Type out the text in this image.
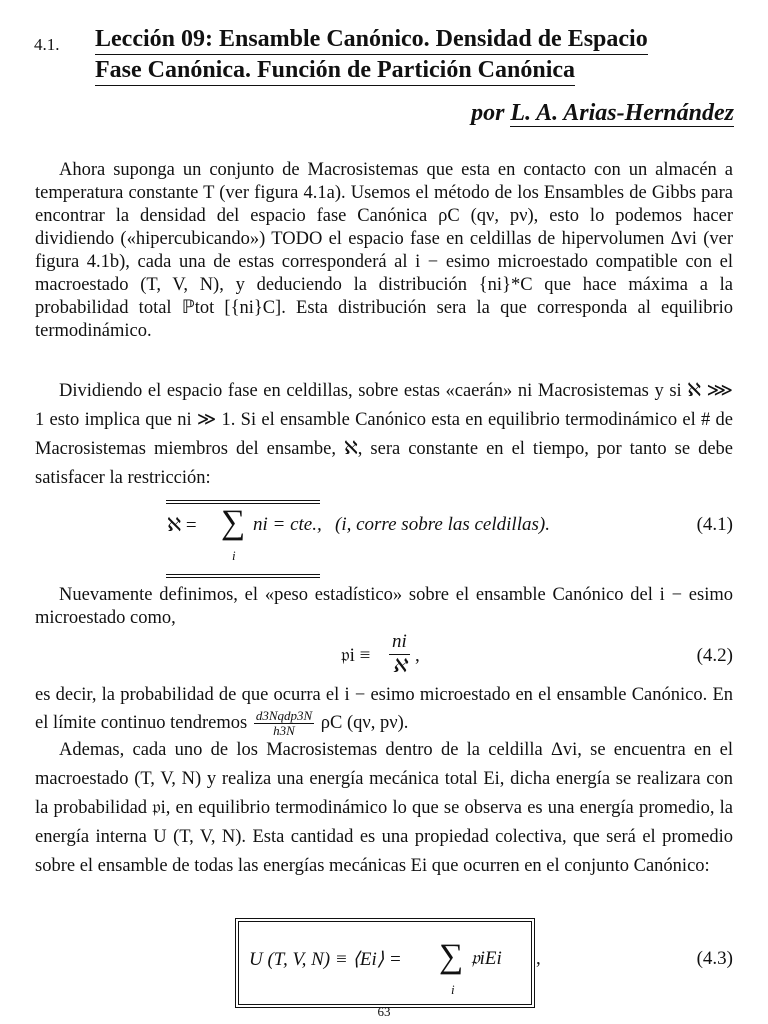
4.1. Lección 09: Ensamble Canónico. Densidad de Espacio
Fase Canónica. Función de Partición Canónica
por L. A. Arias-Hernández

Ahora suponga un conjunto de Macrosistemas que esta en contacto con un almacén a temperatura constante T (ver figura 4.1a). Usemos el método de los Ensambles de Gibbs para encontrar la densidad del espacio fase Canónica ρC (qν, pν), esto lo podemos hacer dividiendo («hipercubicando») TODO el espacio fase en celdillas de hipervolumen Δvi (ver figura 4.1b), cada una de estas corresponderá al i − esimo microestado compatible con el macroestado (T, V, N), y deduciendo la distribución {ni}*C que hace máxima a la probabilidad total ℙtot [{ni}C]. Esta distribución sera la que corresponda al equilibrio termodinámico.

Dividiendo el espacio fase en celdillas, sobre estas «caerán» ni Macrosistemas y si ℵ ⋙ 1 esto implica que ni ≫ 1. Si el ensamble Canónico esta en equilibrio termodinámico el # de Macrosistemas miembros del ensambe, ℵ, sera constante en el tiempo, por tanto se debe satisfacer la restricción:

ℵ = ∑
i
ni = cte., (i, corre sobre las celdillas).	(4.1)

Nuevamente definimos, el «peso estadístico» sobre el ensamble Canónico del i − esimo microestado como,

𝔭i ≡
ni
ℵ
,	(4.2)
es decir, la probabilidad de que ocurra el i − esimo microestado en el ensamble Canónico. En el límite continuo tendremos $\frac{\text{d3Nqdp3N}}{h3N}$ ρC (qν, pν).

Ademas, cada uno de los Macrosistemas dentro de la celdilla Δvi, se encuentra en el macroestado (T, V, N) y realiza una energía mecánica total Ei, dicha energía se realizara con la probabilidad 𝔭i, en equilibrio termodinámico lo que se observa es una energía promedio, la energía interna U (T, V, N). Esta cantidad es una propiedad colectiva, que será el promedio sobre el ensamble de todas las energías mecánicas Ei que ocurren en el conjunto Canónico:

U (T, V, N) ≡ ⟨Ei⟩ = ∑
i
𝔭iEi ,	(4.3)
63
